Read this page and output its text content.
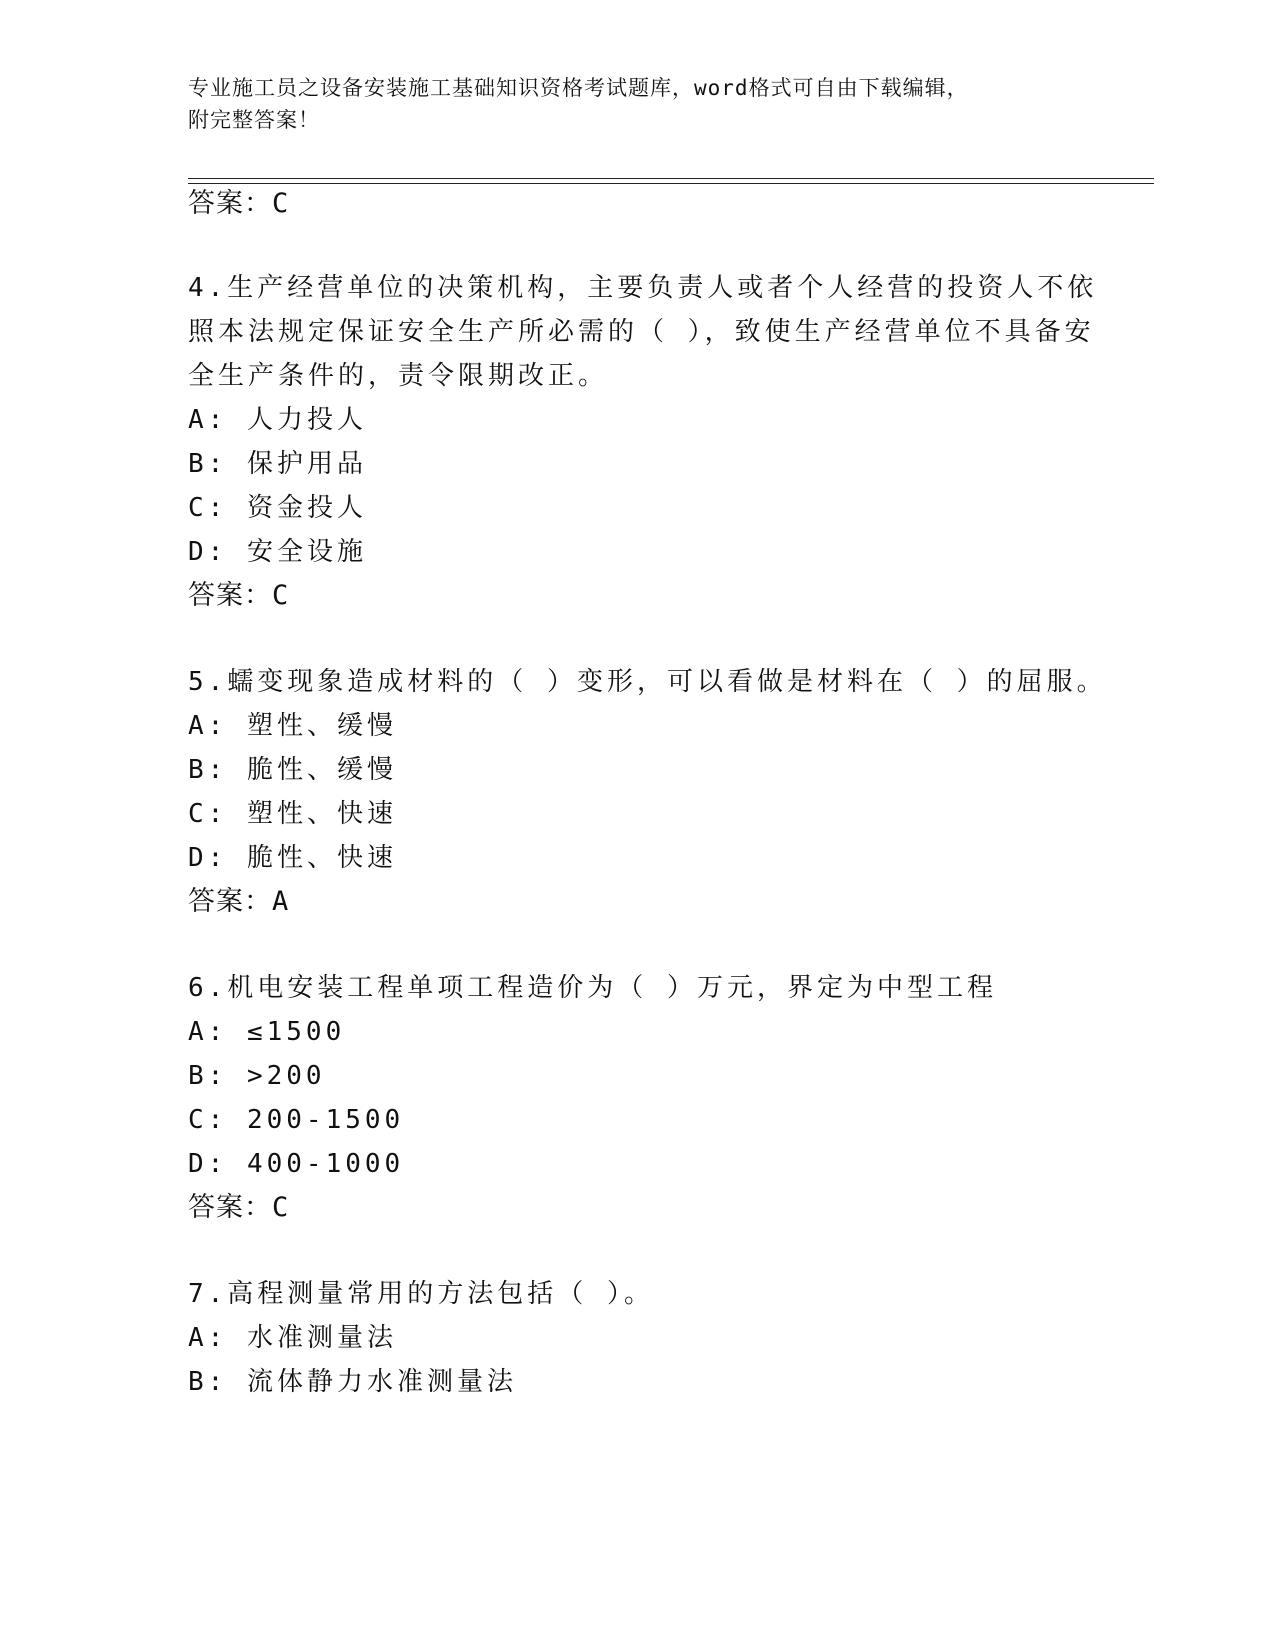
专业施工员之设备安装施工基础知识资格考试题库，word格式可自由下载编辑，
附完整答案！
答案：C
4.生产经营单位的决策机构，主要负责人或者个人经营的投资人不依
照本法规定保证安全生产所必需的（ ），致使生产经营单位不具备安
全生产条件的，责令限期改正。
A: 人力投人
B: 保护用品
C: 资金投人
D: 安全设施
答案：C
5.蠕变现象造成材料的（ ）变形，可以看做是材料在（ ）的屈服。
A: 塑性、缓慢
B: 脆性、缓慢
C: 塑性、快速
D: 脆性、快速
答案：A
6.机电安装工程单项工程造价为（ ）万元，界定为中型工程
A: ≤1500
B: >200
C: 200-1500
D: 400-1000
答案：C
7.高程测量常用的方法包括（ ）。
A: 水准测量法
B: 流体静力水准测量法
